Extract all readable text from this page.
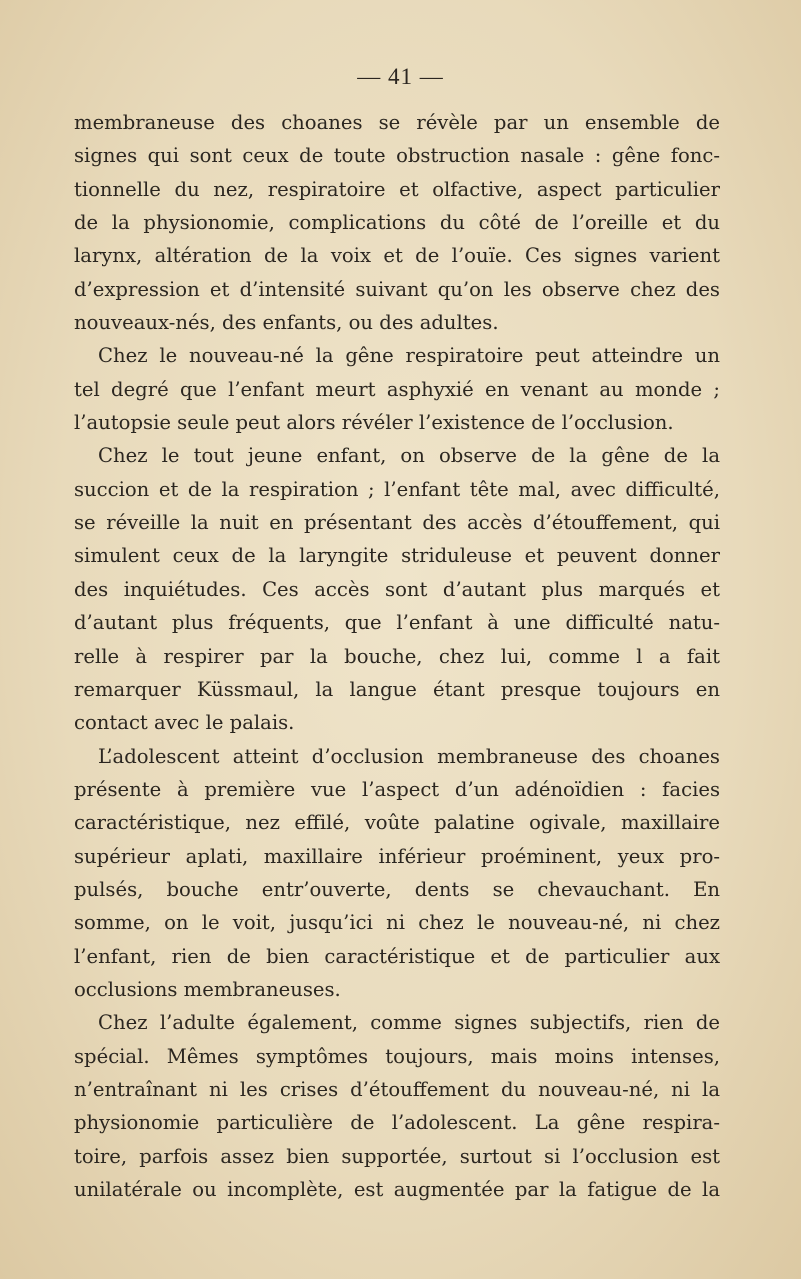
— 41 —
membraneuse des choanes se révèle par un ensemble de
signes qui sont ceux de toute obstruction nasale : gêne fonc-
tionnelle du nez, respiratoire et olfactive, aspect particulier
de la physionomie, complications du côté de l’oreille et du
larynx, altération de la voix et de l’ouïe. Ces signes varient
d’expression et d’intensité suivant qu’on les observe chez des
nouveaux-nés, des enfants, ou des adultes.
Chez le nouveau-né la gêne respiratoire peut atteindre un
tel degré que l’enfant meurt asphyxié en venant au monde ;
l’autopsie seule peut alors révéler l’existence de l’occlusion.
Chez le tout jeune enfant, on observe de la gêne de la
succion et de la respiration ; l’enfant tête mal, avec difficulté,
se réveille la nuit en présentant des accès d’étouffement, qui
simulent ceux de la laryngite striduleuse et peuvent donner
des inquiétudes. Ces accès sont d’autant plus marqués et
d’autant plus fréquents, que l’enfant à une difficulté natu-
relle à respirer par la bouche, chez lui, comme l a fait
remarquer Küssmaul, la langue étant presque toujours en
contact avec le palais.
L’adolescent atteint d’occlusion membraneuse des choanes
présente à première vue l’aspect d’un adénoïdien : facies
caractéristique, nez effilé, voûte palatine ogivale, maxillaire
supérieur aplati, maxillaire inférieur proéminent, yeux pro-
pulsés, bouche entr’ouverte, dents se chevauchant. En
somme, on le voit, jusqu’ici ni chez le nouveau-né, ni chez
l’enfant, rien de bien caractéristique et de particulier aux
occlusions membraneuses.
Chez l’adulte également, comme signes subjectifs, rien de
spécial. Mêmes symptômes toujours, mais moins intenses,
n’entraînant ni les crises d’étouffement du nouveau-né, ni la
physionomie particulière de l’adolescent. La gêne respira-
toire, parfois assez bien supportée, surtout si l’occlusion est
unilatérale ou incomplète, est augmentée par la fatigue de la
